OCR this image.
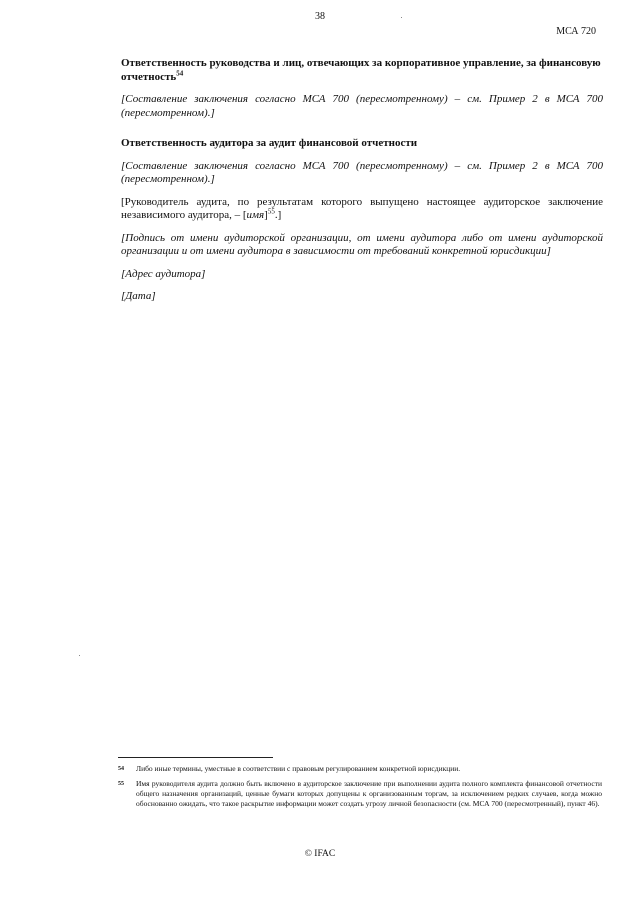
38
МСА 720
Ответственность руководства и лиц, отвечающих за корпоративное управление, за финансовую отчетность$^{54}$

[Составление заключения согласно МСА 700 (пересмотренному) – см. Пример 2 в МСА 700 (пересмотренном).]

Ответственность аудитора за аудит финансовой отчетности

[Составление заключения согласно МСА 700 (пересмотренному) – см. Пример 2 в МСА 700 (пересмотренном).]

[Руководитель аудита, по результатам которого выпущено настоящее аудиторское заключение независимого аудитора, – [имя]$^{55}$.]

[Подпись от имени аудиторской организации, от имени аудитора либо от имени аудиторской организации и от имени аудитора в зависимости от требований конкретной юрисдикции]

[Адрес аудитора]

[Дата]

54	Либо иные термины, уместные в соответствии с правовым регулированием конкретной юрисдикции.
55	Имя руководителя аудита должно быть включено в аудиторское заключение при выполнении аудита полного комплекта финансовой отчетности общего назначения организаций, ценные бумаги которых допущены к организованным торгам, за исключением редких случаев, когда можно обоснованно ожидать, что такое раскрытие информации может создать угрозу личной безопасности (см. МСА 700 (пересмотренный), пункт 46).
© IFAC
